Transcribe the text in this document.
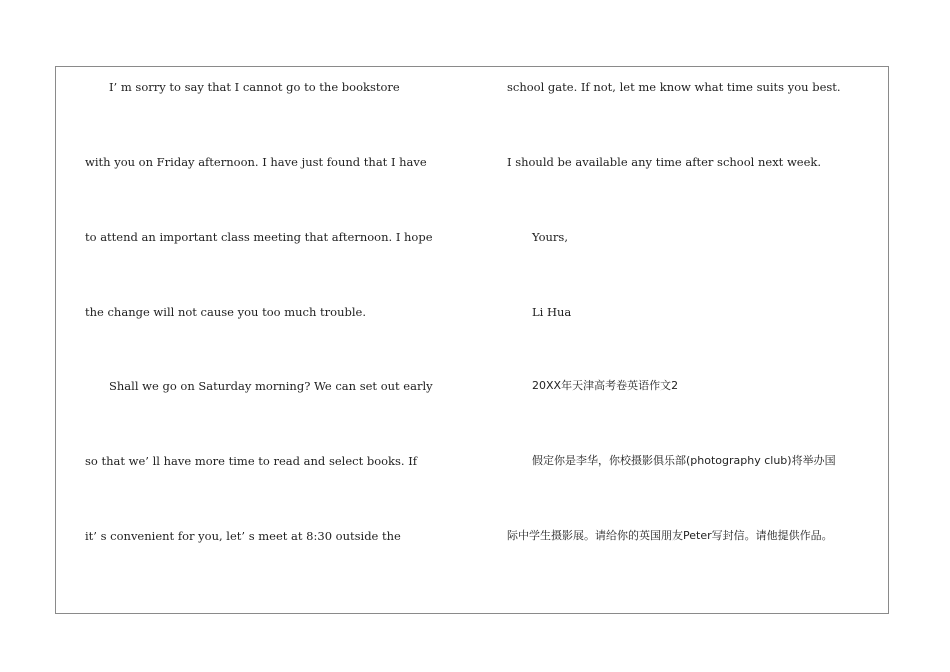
I’ m sorry to say that I cannot go to the bookstore
with you on Friday afternoon. I have just found that I have
to attend an important class meeting that afternoon. I hope
the change will not cause you too much trouble.
Shall we go on Saturday morning? We can set out early
so that we’ ll have more time to read and select books. If
it’ s convenient for you, let’ s meet at 8:30 outside the
school gate. If not, let me know what time suits you best.
I should be available any time after school next week.
Yours,
Li Hua
20XX年天津高考卷英语作文2
假定你是李华，你校摄影俱乐部(photography club)将举办国
际中学生摄影展。请给你的英国朋友Peter写封信。请他提供作品。
